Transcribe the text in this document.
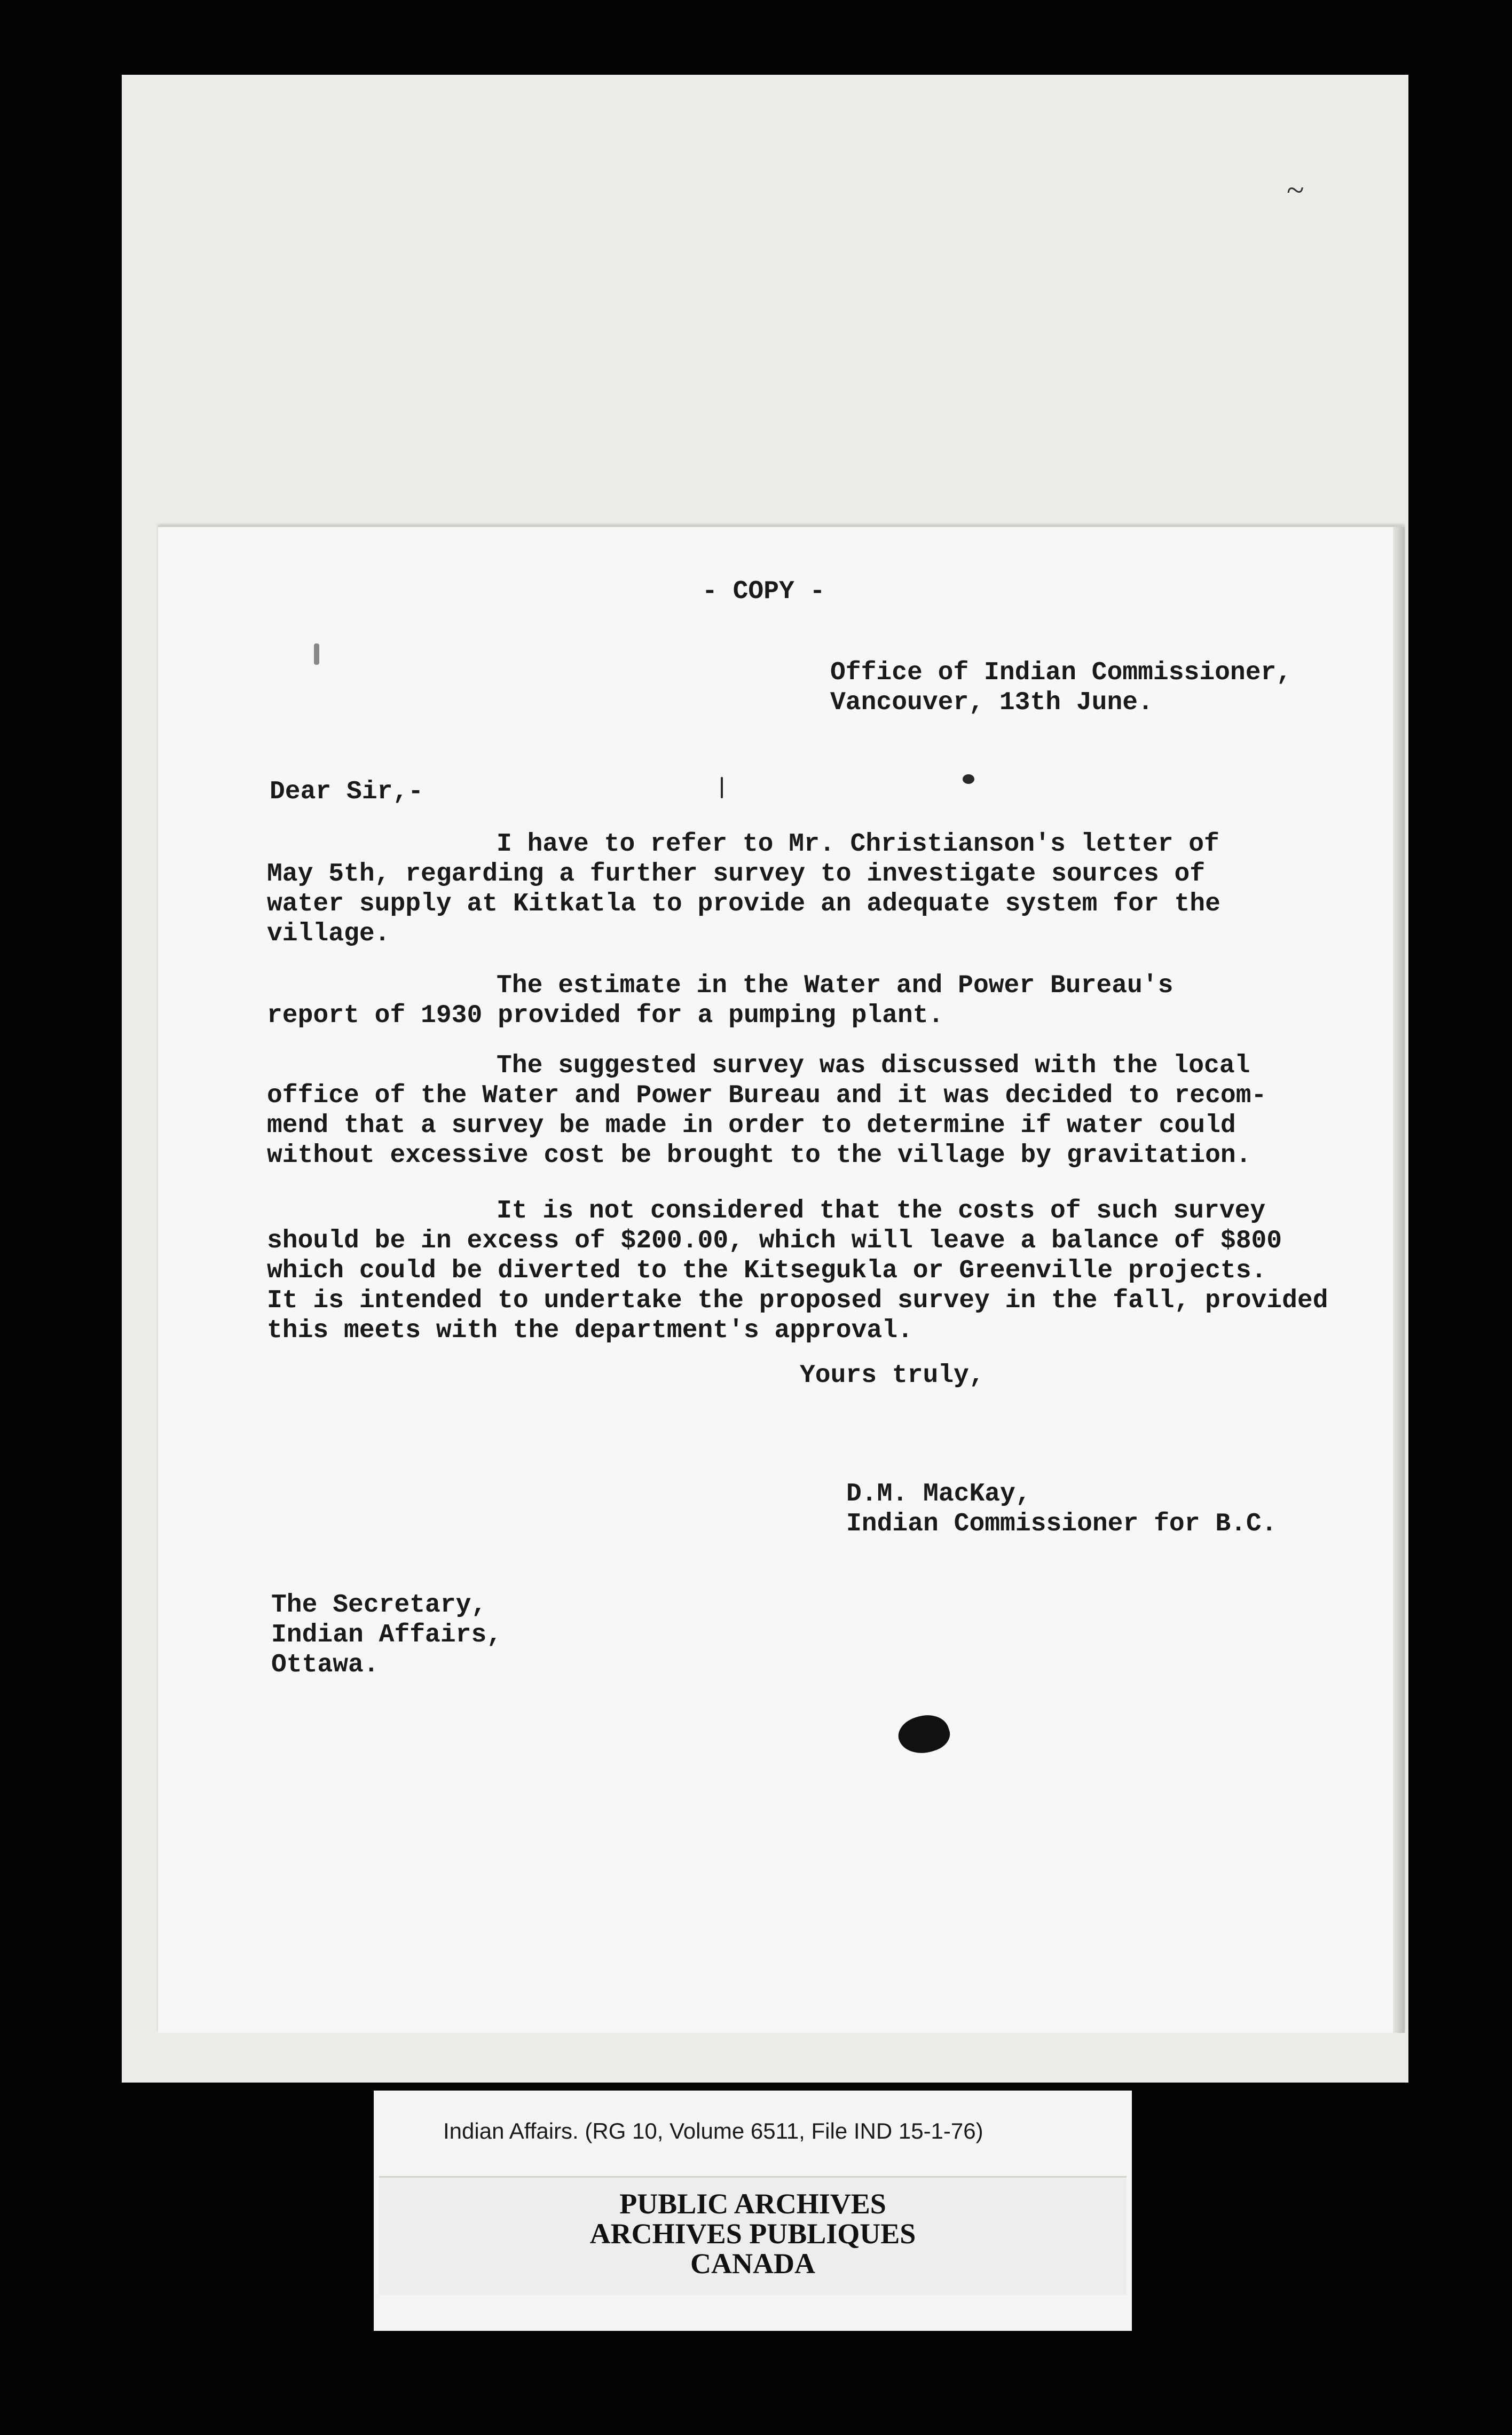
~
- COPY -
Office of Indian Commissioner,
Vancouver, 13th June.
Dear Sir,-
I have to refer to Mr. Christianson's letter of
May 5th, regarding a further survey to investigate sources of
water supply at Kitkatla to provide an adequate system for the
village.
The estimate in the Water and Power Bureau's
report of 1930 provided for a pumping plant.
The suggested survey was discussed with the local
office of the Water and Power Bureau and it was decided to recom-
mend that a survey be made in order to determine if water could
without excessive cost be brought to the village by gravitation.
It is not considered that the costs of such survey
should be in excess of $200.00, which will leave a balance of $800
which could be diverted to the Kitsegukla or Greenville projects.
It is intended to undertake the proposed survey in the fall, provided
this meets with the department's approval.
Yours truly,
D.M. MacKay,
Indian Commissioner for B.C.
The Secretary,
Indian Affairs,
Ottawa.
Indian Affairs. (RG 10, Volume 6511, File IND 15-1-76)
PUBLIC ARCHIVES
ARCHIVES PUBLIQUES
CANADA
